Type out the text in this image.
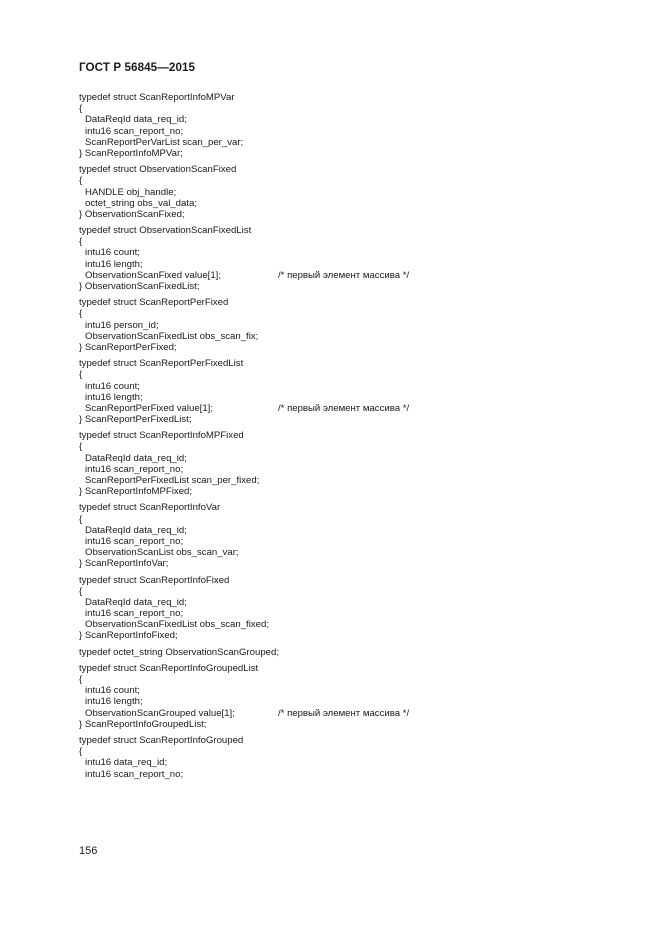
ГОСТ Р 56845—2015
typedef struct ScanReportInfoMPVar
{
DataReqId data_req_id;
intu16 scan_report_no;
ScanReportPerVarList scan_per_var;
} ScanReportInfoMPVar;
typedef struct ObservationScanFixed
{
HANDLE obj_handle;
octet_string obs_val_data;
} ObservationScanFixed;
typedef struct ObservationScanFixedList
{
intu16 count;
intu16 length;
ObservationScanFixed value[1];	/* первый элемент массива */
} ObservationScanFixedList;
typedef struct ScanReportPerFixed
{
intu16 person_id;
ObservationScanFixedList obs_scan_fix;
} ScanReportPerFixed;
typedef struct ScanReportPerFixedList
{
intu16 count;
intu16 length;
ScanReportPerFixed value[1];	/* первый элемент массива */
} ScanReportPerFixedList;
typedef struct ScanReportInfoMPFixed
{
DataReqId data_req_id;
intu16 scan_report_no;
ScanReportPerFixedList scan_per_fixed;
} ScanReportInfoMPFixed;
typedef struct ScanReportInfoVar
{
DataReqId data_req_id;
intu16 scan_report_no;
ObservationScanList obs_scan_var;
} ScanReportInfoVar;
typedef struct ScanReportInfoFixed
{
DataReqId data_req_id;
intu16 scan_report_no;
ObservationScanFixedList obs_scan_fixed;
} ScanReportInfoFixed;
typedef octet_string ObservationScanGrouped;
typedef struct ScanReportInfoGroupedList
{
intu16 count;
intu16 length;
ObservationScanGrouped value[1];	/* первый элемент массива */
} ScanReportInfoGroupedList;
typedef struct ScanReportInfoGrouped
{
intu16 data_req_id;
intu16 scan_report_no;
156
